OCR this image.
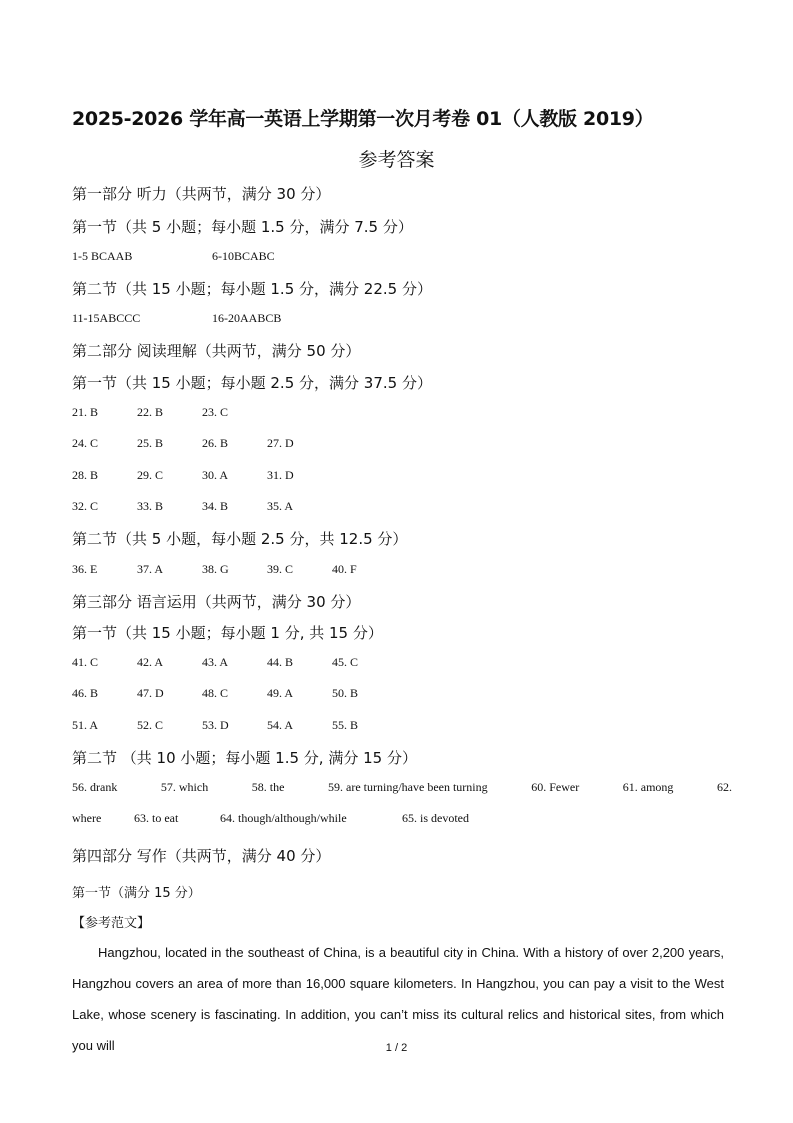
2025-2026 学年高一英语上学期第一次月考卷 01（人教版 2019）
参考答案
第一部分 听力（共两节，满分 30 分）
第一节（共 5 小题；每小题 1.5 分，满分 7.5 分）
1-5 BCAAB	6-10BCABC
第二节（共 15 小题；每小题 1.5 分，满分 22.5 分）
11-15ABCCC	16-20AABCB
第二部分 阅读理解（共两节，满分 50 分）
第一节（共 15 小题；每小题 2.5 分，满分 37.5 分）
21. B	22. B	23. C
24. C	25. B	26. B	27. D
28. B	29. C	30. A	31. D
32. C	33. B	34. B	35. A
第二节（共 5 小题，每小题 2.5 分，共 12.5 分）
36. E	37. A	38. G	39. C	40. F
第三部分 语言运用（共两节，满分 30 分）
第一节（共 15 小题；每小题 1 分, 共 15 分）
41. C	42. A	43. A	44. B	45. C
46. B	47. D	48. C	49. A	50. B
51. A	52. C	53. D	54. A	55. B
第二节 （共 10 小题；每小题 1.5 分, 满分 15 分）
56. drank	57. which	58. the	59. are turning/have been turning	60. Fewer	61. among	62.
where	63. to eat	64. though/although/while	65. is devoted
第四部分 写作（共两节，满分 40 分）
第一节（满分 15 分）
【参考范文】
Hangzhou, located in the southeast of China, is a beautiful city in China. With a history of over 2,200 years, Hangzhou covers an area of more than 16,000 square kilometers. In Hangzhou, you can pay a visit to the West Lake, whose scenery is fascinating. In addition, you can’t miss its cultural relics and historical sites, from which you will	1 / 2
